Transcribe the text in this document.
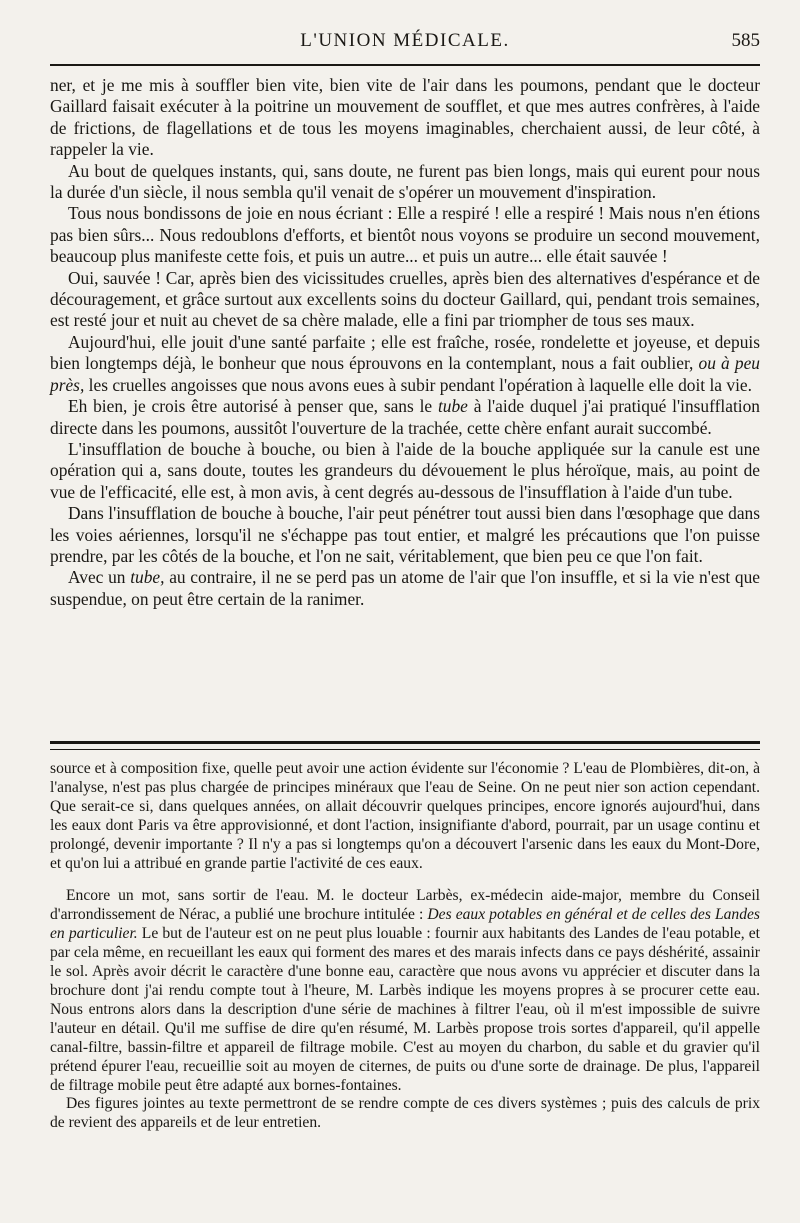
L'UNION MÉDICALE.	585

ner, et je me mis à souffler bien vite, bien vite de l'air dans les poumons, pendant que le docteur Gaillard faisait exécuter à la poitrine un mouvement de soufflet, et que mes autres confrères, à l'aide de frictions, de flagellations et de tous les moyens imaginables, cherchaient aussi, de leur côté, à rappeler la vie.

Au bout de quelques instants, qui, sans doute, ne furent pas bien longs, mais qui eurent pour nous la durée d'un siècle, il nous sembla qu'il venait de s'opérer un mouvement d'inspiration.

Tous nous bondissons de joie en nous écriant : Elle a respiré ! elle a respiré ! Mais nous n'en étions pas bien sûrs... Nous redoublons d'efforts, et bientôt nous voyons se produire un second mouvement, beaucoup plus manifeste cette fois, et puis un autre... et puis un autre... elle était sauvée !

Oui, sauvée ! Car, après bien des vicissitudes cruelles, après bien des alternatives d'espérance et de découragement, et grâce surtout aux excellents soins du docteur Gaillard, qui, pendant trois semaines, est resté jour et nuit au chevet de sa chère malade, elle a fini par triompher de tous ses maux.

Aujourd'hui, elle jouit d'une santé parfaite ; elle est fraîche, rosée, rondelette et joyeuse, et depuis bien longtemps déjà, le bonheur que nous éprouvons en la contemplant, nous a fait oublier, ou à peu près, les cruelles angoisses que nous avons eues à subir pendant l'opération à laquelle elle doit la vie.

Eh bien, je crois être autorisé à penser que, sans le tube à l'aide duquel j'ai pratiqué l'insufflation directe dans les poumons, aussitôt l'ouverture de la trachée, cette chère enfant aurait succombé.

L'insufflation de bouche à bouche, ou bien à l'aide de la bouche appliquée sur la canule est une opération qui a, sans doute, toutes les grandeurs du dévouement le plus héroïque, mais, au point de vue de l'efficacité, elle est, à mon avis, à cent degrés au-dessous de l'insufflation à l'aide d'un tube.

Dans l'insufflation de bouche à bouche, l'air peut pénétrer tout aussi bien dans l'œsophage que dans les voies aériennes, lorsqu'il ne s'échappe pas tout entier, et malgré les précautions que l'on puisse prendre, par les côtés de la bouche, et l'on ne sait, véritablement, que bien peu ce que l'on fait.

Avec un tube, au contraire, il ne se perd pas un atome de l'air que l'on insuffle, et si la vie n'est que suspendue, on peut être certain de la ranimer.

source et à composition fixe, quelle peut avoir une action évidente sur l'économie ? L'eau de Plombières, dit-on, à l'analyse, n'est pas plus chargée de principes minéraux que l'eau de Seine. On ne peut nier son action cependant. Que serait-ce si, dans quelques années, on allait découvrir quelques principes, encore ignorés aujourd'hui, dans les eaux dont Paris va être approvisionné, et dont l'action, insignifiante d'abord, pourrait, par un usage continu et prolongé, devenir importante ? Il n'y a pas si longtemps qu'on a découvert l'arsenic dans les eaux du Mont-Dore, et qu'on lui a attribué en grande partie l'activité de ces eaux.

Encore un mot, sans sortir de l'eau. M. le docteur Larbès, ex-médecin aide-major, membre du Conseil d'arrondissement de Nérac, a publié une brochure intitulée : Des eaux potables en général et de celles des Landes en particulier. Le but de l'auteur est on ne peut plus louable : fournir aux habitants des Landes de l'eau potable, et par cela même, en recueillant les eaux qui forment des mares et des marais infects dans ce pays déshérité, assainir le sol. Après avoir décrit le caractère d'une bonne eau, caractère que nous avons vu apprécier et discuter dans la brochure dont j'ai rendu compte tout à l'heure, M. Larbès indique les moyens propres à se procurer cette eau. Nous entrons alors dans la description d'une série de machines à filtrer l'eau, où il m'est impossible de suivre l'auteur en détail. Qu'il me suffise de dire qu'en résumé, M. Larbès propose trois sortes d'appareil, qu'il appelle canal-filtre, bassin-filtre et appareil de filtrage mobile. C'est au moyen du charbon, du sable et du gravier qu'il prétend épurer l'eau, recueillie soit au moyen de citernes, de puits ou d'une sorte de drainage. De plus, l'appareil de filtrage mobile peut être adapté aux bornes-fontaines.

Des figures jointes au texte permettront de se rendre compte de ces divers systèmes ; puis des calculs de prix de revient des appareils et de leur entretien.
